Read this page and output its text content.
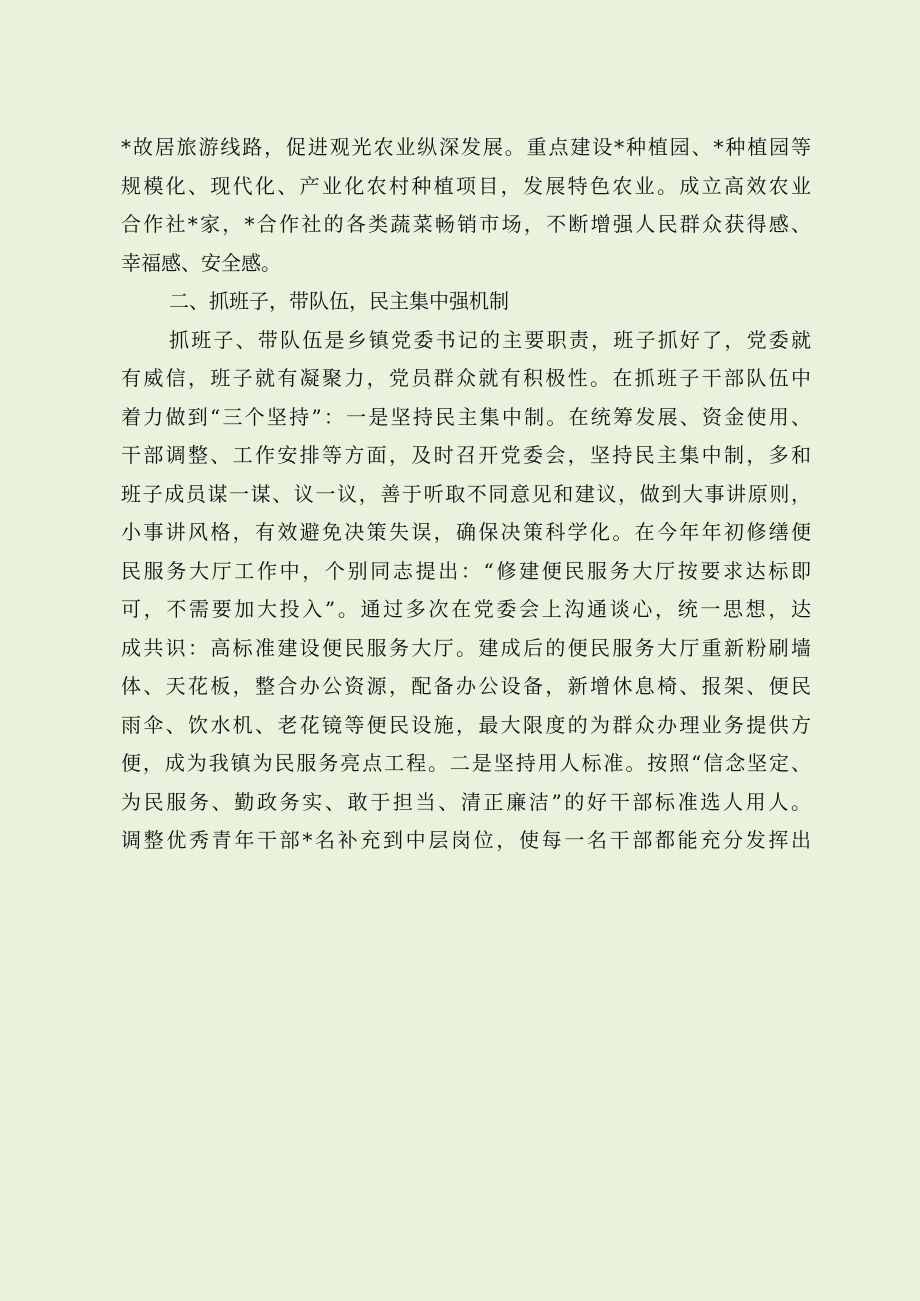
*故居旅游线路，促进观光农业纵深发展。重点建设*种植园、*种植园等
规模化、现代化、产业化农村种植项目，发展特色农业。成立高效农业
合作社*家，*合作社的各类蔬菜畅销市场，不断增强人民群众获得感、
幸福感、安全感。
二、抓班子，带队伍，民主集中强机制
抓班子、带队伍是乡镇党委书记的主要职责，班子抓好了，党委就
有威信，班子就有凝聚力，党员群众就有积极性。在抓班子干部队伍中
着力做到“三个坚持”：一是坚持民主集中制。在统筹发展、资金使用、
干部调整、工作安排等方面，及时召开党委会，坚持民主集中制，多和
班子成员谋一谋、议一议，善于听取不同意见和建议，做到大事讲原则，
小事讲风格，有效避免决策失误，确保决策科学化。在今年年初修缮便
民服务大厅工作中，个别同志提出：“修建便民服务大厅按要求达标即
可，不需要加大投入”。通过多次在党委会上沟通谈心，统一思想，达
成共识：高标准建设便民服务大厅。建成后的便民服务大厅重新粉刷墙
体、天花板，整合办公资源，配备办公设备，新增休息椅、报架、便民
雨伞、饮水机、老花镜等便民设施，最大限度的为群众办理业务提供方
便，成为我镇为民服务亮点工程。二是坚持用人标准。按照“信念坚定、
为民服务、勤政务实、敢于担当、清正廉洁”的好干部标准选人用人。
调整优秀青年干部*名补充到中层岗位，使每一名干部都能充分发挥出
